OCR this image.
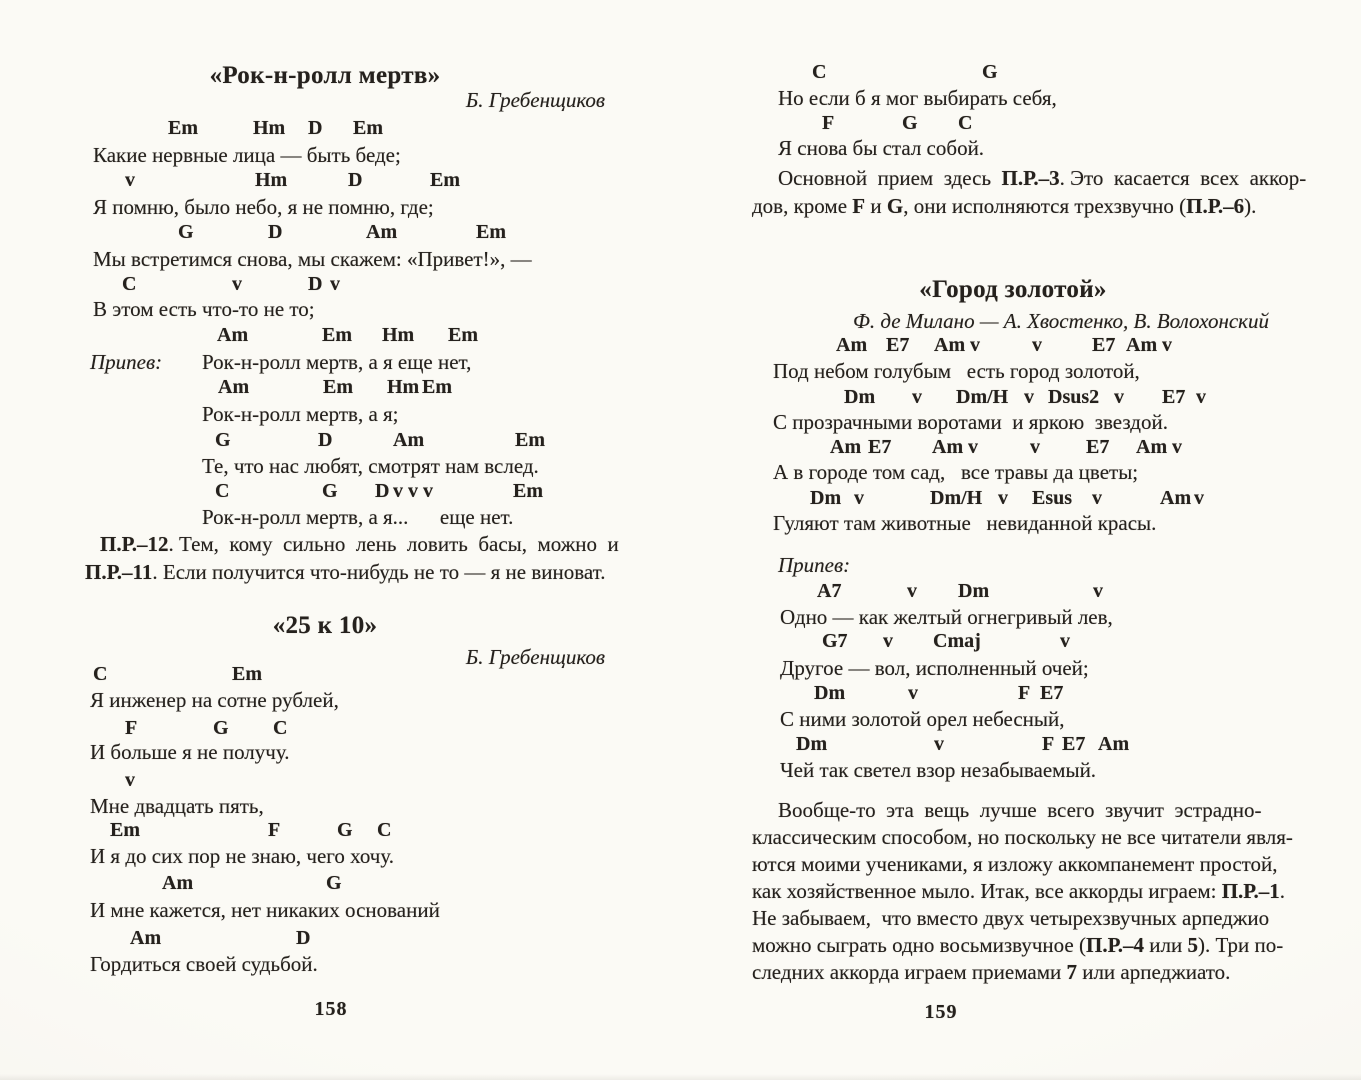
«Рок-н-ролл мертв»
Б. Гребенщиков
Em	Hm D Em
Какие нервные лица — быть беде;
v	Hm	D	Em
Я помню, было небо, я не помню, где;
G	D	Am	Em
Мы встретимся снова, мы скажем: «Привет!», —
C	v	D v
В этом есть что-то не то;
Am	Em Hm Em
Припев: Рок-н-ролл мертв, а я еще нет,
Am	Em Hm Em
Рок-н-ролл мертв, а я;
G	D	Am	Em
Те, что нас любят, смотрят нам вслед.
C	G D v v v	Em
Рок-н-ролл мертв, а я...      еще нет.
П.Р.–12. Тем,  кому  сильно  лень  ловить  басы,  можно  и
П.Р.–11. Если получится что-нибудь не то — я не виноват.
«25 к 10»
Б. Гребенщиков
C	Em
Я инженер на сотне рублей,
F	G C
И больше я не получу.
v
Мне двадцать пять,
Em	F	G C
И я до сих пор не знаю, чего хочу.
Am	G
И мне кажется, нет никаких оснований
Am	D
Гордиться своей судьбой.
158
C	G
Но если б я мог выбирать себя,
F	G C
Я снова бы стал собой.
Основной  прием  здесь  П.Р.–3. Это  касается  всех  аккор-
дов, кроме F и G, они исполняются трехзвучно (П.Р.–6).
«Город золотой»
Ф. де Милано — А. Хвостенко, В. Волохонский
Am E7 Am v	v	E7 Am v
Под небом голубым   есть город золотой,
Dm v Dm/H v Dsus2 v E7 v
С прозрачными воротами  и яркою  звездой.
Am E7 Am v	v E7 Am v
А в городе том сад,   все травы да цветы;
Dm v	Dm/H v Esus v	Am v
Гуляют там животные   невиданной красы.
Припев:
A7	v Dm	v
Одно — как желтый огнегривый лев,
G7 v Cmaj	v
Другое — вол, исполненный очей;
Dm	v	F E7
С ними золотой орел небесный,
Dm	v	F E7 Am
Чей так светел взор незабываемый.
Вообще-то  эта  вещь  лучше  всего  звучит  эстрадно-
классическим способом, но поскольку не все читатели явля-
ются моими учениками, я изложу аккомпанемент простой,
как хозяйственное мыло. Итак, все аккорды играем: П.Р.–1.
Не забываем,  что вместо двух четырехзвучных арпеджио
можно сыграть одно восьмизвучное (П.Р.–4 или 5). Три по-
следних аккорда играем приемами 7 или арпеджиато.
159
